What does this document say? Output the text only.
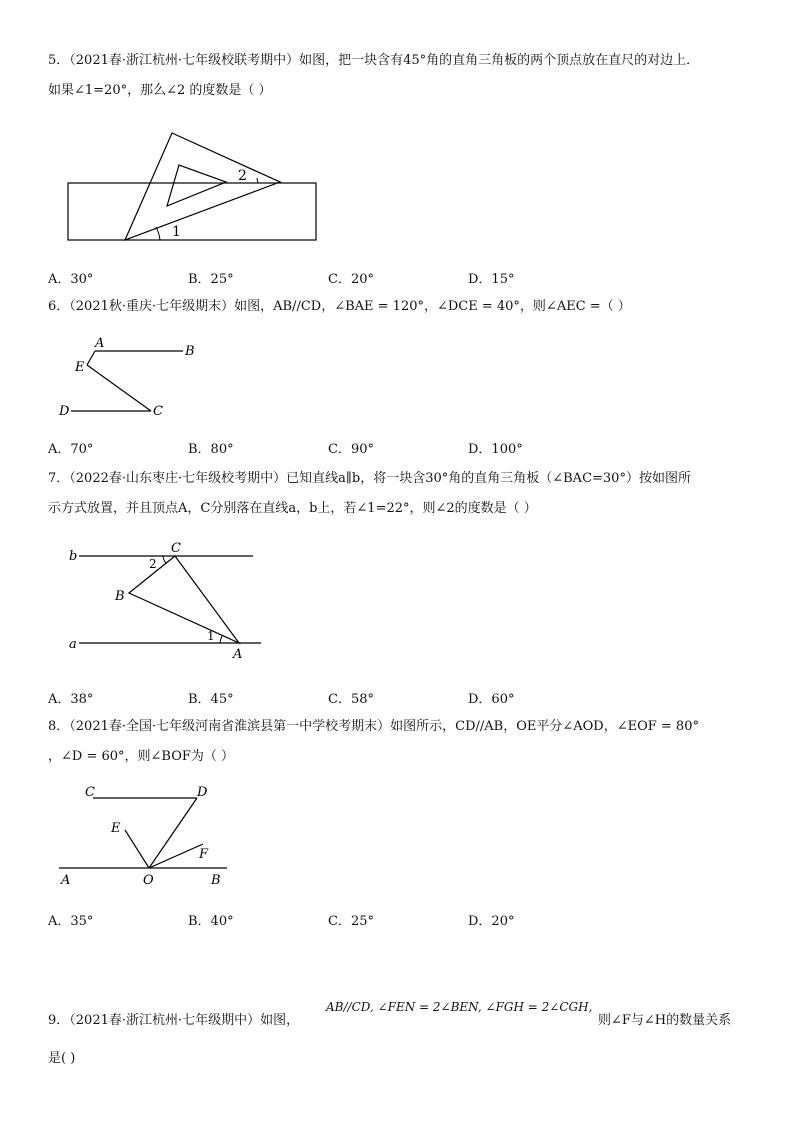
5．（2021春·浙江杭州·七年级校联考期中）如图，把一块含有45°角的直角三角板的两个顶点放在直尺的对边上．
如果∠1=20°，那么∠2 的度数是（ ）
2
1
A．30°	B．25°	C．20°	D．15°
6．（2021秋·重庆·七年级期末）如图，AB//CD，∠BAE = 120°，∠DCE = 40°，则∠AEC =（ ）
A
B
E
D	C
A．70°	B．80°	C．90°	D．100°
7．（2022春·山东枣庄·七年级校考期中）已知直线a∥b，将一块含30°角的直角三角板（∠BAC=30°）按如图所
示方式放置，并且顶点A，C分别落在直线a，b上，若∠1=22°，则∠2的度数是（ ）
b
C
2
B
a
1
A
A．38°	B．45°	C．58°	D．60°
8．（2021春·全国·七年级河南省淮滨县第一中学校考期末）如图所示，CD//AB，OE平分∠AOD，∠EOF = 80°
，∠D = 60°，则∠BOF为（ ）
C	D
E
F
A	O	B
A．35°	B．40°	C．25°	D．20°
9．（2021春·浙江杭州·七年级期中）如图，
AB//CD, ∠FEN = 2∠BEN, ∠FGH = 2∠CGH,
则∠F与∠H的数量关系
是( )
